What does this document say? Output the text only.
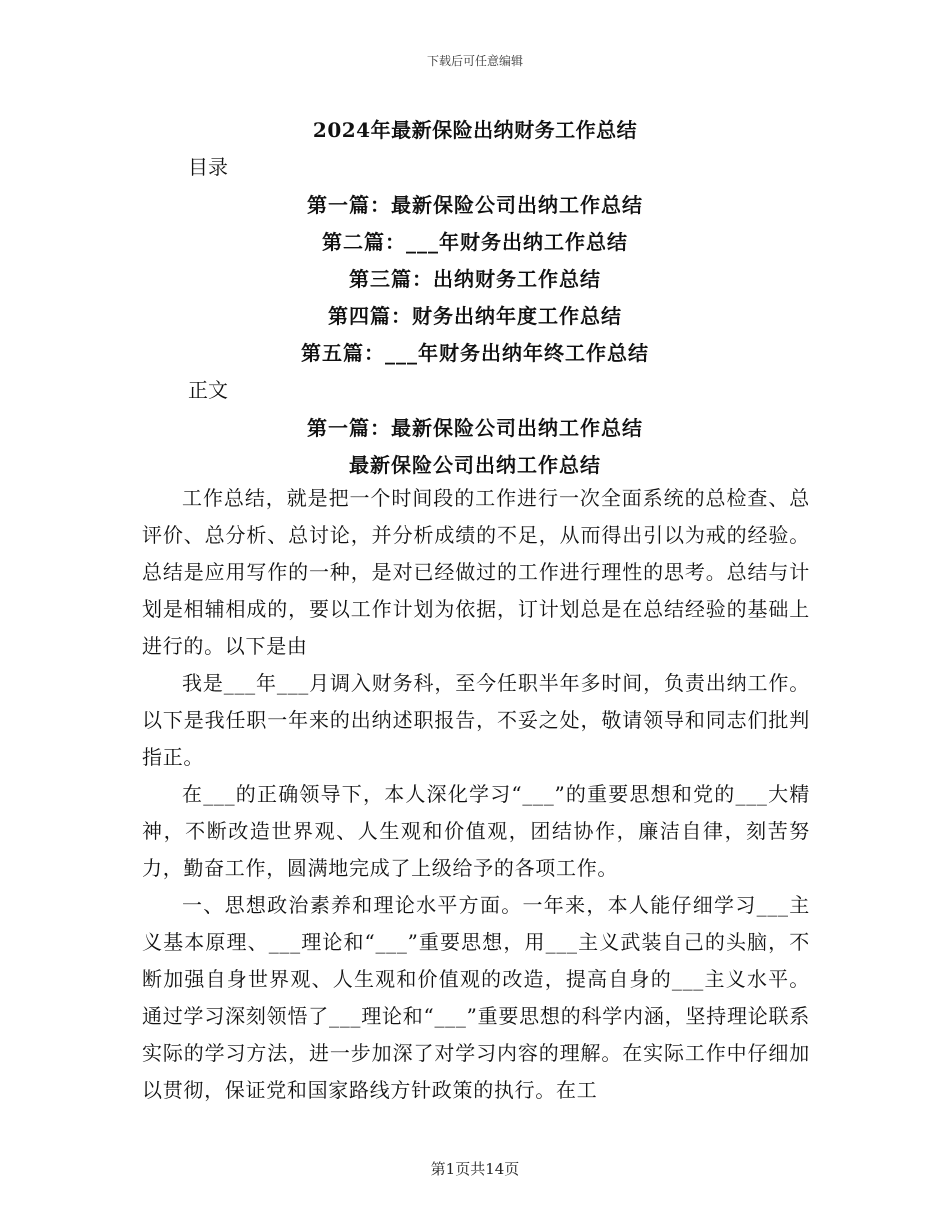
下载后可任意编辑
2024年最新保险出纳财务工作总结
目录
第一篇：最新保险公司出纳工作总结
第二篇：___年财务出纳工作总结
第三篇：出纳财务工作总结
第四篇：财务出纳年度工作总结
第五篇：___年财务出纳年终工作总结
正文
第一篇：最新保险公司出纳工作总结
最新保险公司出纳工作总结

工作总结，就是把一个时间段的工作进行一次全面系统的总检查、总评价、总分析、总讨论，并分析成绩的不足，从而得出引以为戒的经验。总结是应用写作的一种，是对已经做过的工作进行理性的思考。总结与计划是相辅相成的，要以工作计划为依据，订计划总是在总结经验的基础上进行的。以下是由

我是___年___月调入财务科，至今任职半年多时间，负责出纳工作。以下是我任职一年来的出纳述职报告，不妥之处，敬请领导和同志们批判指正。

在___的正确领导下，本人深化学习“___”的重要思想和党的___大精神，不断改造世界观、人生观和价值观，团结协作，廉洁自律，刻苦努力，勤奋工作，圆满地完成了上级给予的各项工作。

一、思想政治素养和理论水平方面。一年来，本人能仔细学习___主义基本原理、___理论和“___”重要思想，用___主义武装自己的头脑，不断加强自身世界观、人生观和价值观的改造，提高自身的___主义水平。通过学习深刻领悟了___理论和“___”重要思想的科学内涵，坚持理论联系实际的学习方法，进一步加深了对学习内容的理解。在实际工作中仔细加以贯彻，保证党和国家路线方针政策的执行。在工

第1页共14页
